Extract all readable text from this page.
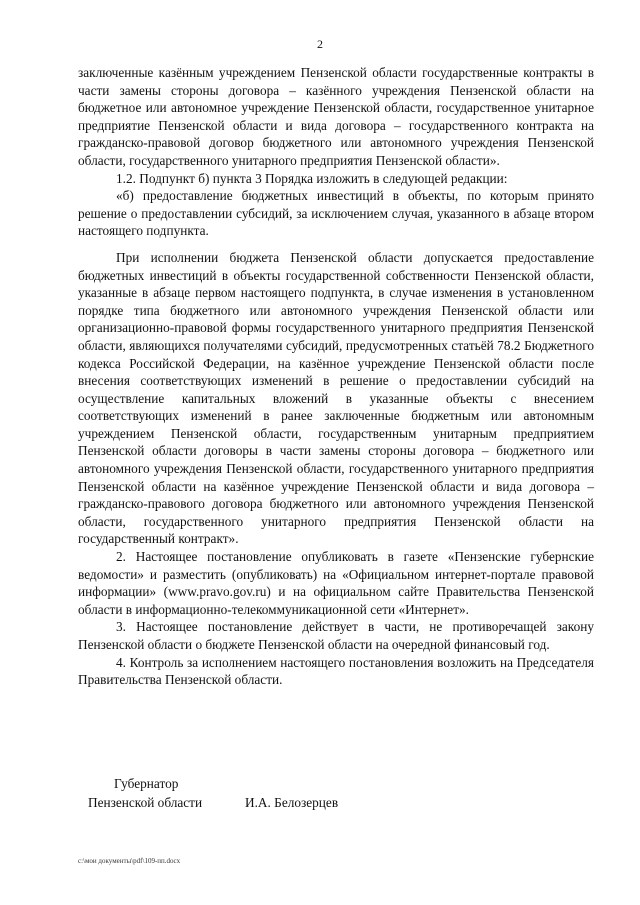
2

заключенные казённым учреждением Пензенской области государственные контракты в части замены стороны договора – казённого учреждения Пензенской области на бюджетное или автономное учреждение Пензенской области, государственное унитарное предприятие Пензенской области и вида договора – государственного контракта на гражданско-правовой договор бюджетного или автономного учреждения Пензенской области, государственного унитарного предприятия Пензенской области».

1.2. Подпункт б) пункта 3 Порядка изложить в следующей редакции:

«б) предоставление бюджетных инвестиций в объекты, по которым принято решение о предоставлении субсидий, за исключением случая, указанного в абзаце втором настоящего подпункта.

При исполнении бюджета Пензенской области допускается предоставление бюджетных инвестиций в объекты государственной собственности Пензенской области, указанные в абзаце первом настоящего подпункта, в случае изменения в установленном порядке типа бюджетного или автономного учреждения Пензенской области или организационно-правовой формы государственного унитарного предприятия Пензенской области, являющихся получателями субсидий, предусмотренных статьёй 78.2 Бюджетного кодекса Российской Федерации, на казённое учреждение Пензенской области после внесения соответствующих изменений в решение о предоставлении субсидий на осуществление капитальных вложений в указанные объекты с внесением соответствующих изменений в ранее заключенные бюджетным или автономным учреждением Пензенской области, государственным унитарным предприятием Пензенской области договоры в части замены стороны договора – бюджетного или автономного учреждения Пензенской области, государственного унитарного предприятия Пензенской области на казённое учреждение Пензенской области и вида договора – гражданско-правового договора бюджетного или автономного учреждения Пензенской области, государственного унитарного предприятия Пензенской области на государственный контракт».

2. Настоящее постановление опубликовать в газете «Пензенские губернские ведомости» и разместить (опубликовать) на «Официальном интернет-портале правовой информации» (www.pravo.gov.ru) и на официальном сайте Правительства Пензенской области в информационно-телекоммуникационной сети «Интернет».

3. Настоящее постановление действует в части, не противоречащей закону Пензенской области о бюджете Пензенской области на очередной финансовый год.

4. Контроль за исполнением настоящего постановления возложить на Председателя Правительства Пензенской области.

Губернатор
Пензенской области	И.А. Белозерцев
c:\мои документы\pdf\109-пп.docx
